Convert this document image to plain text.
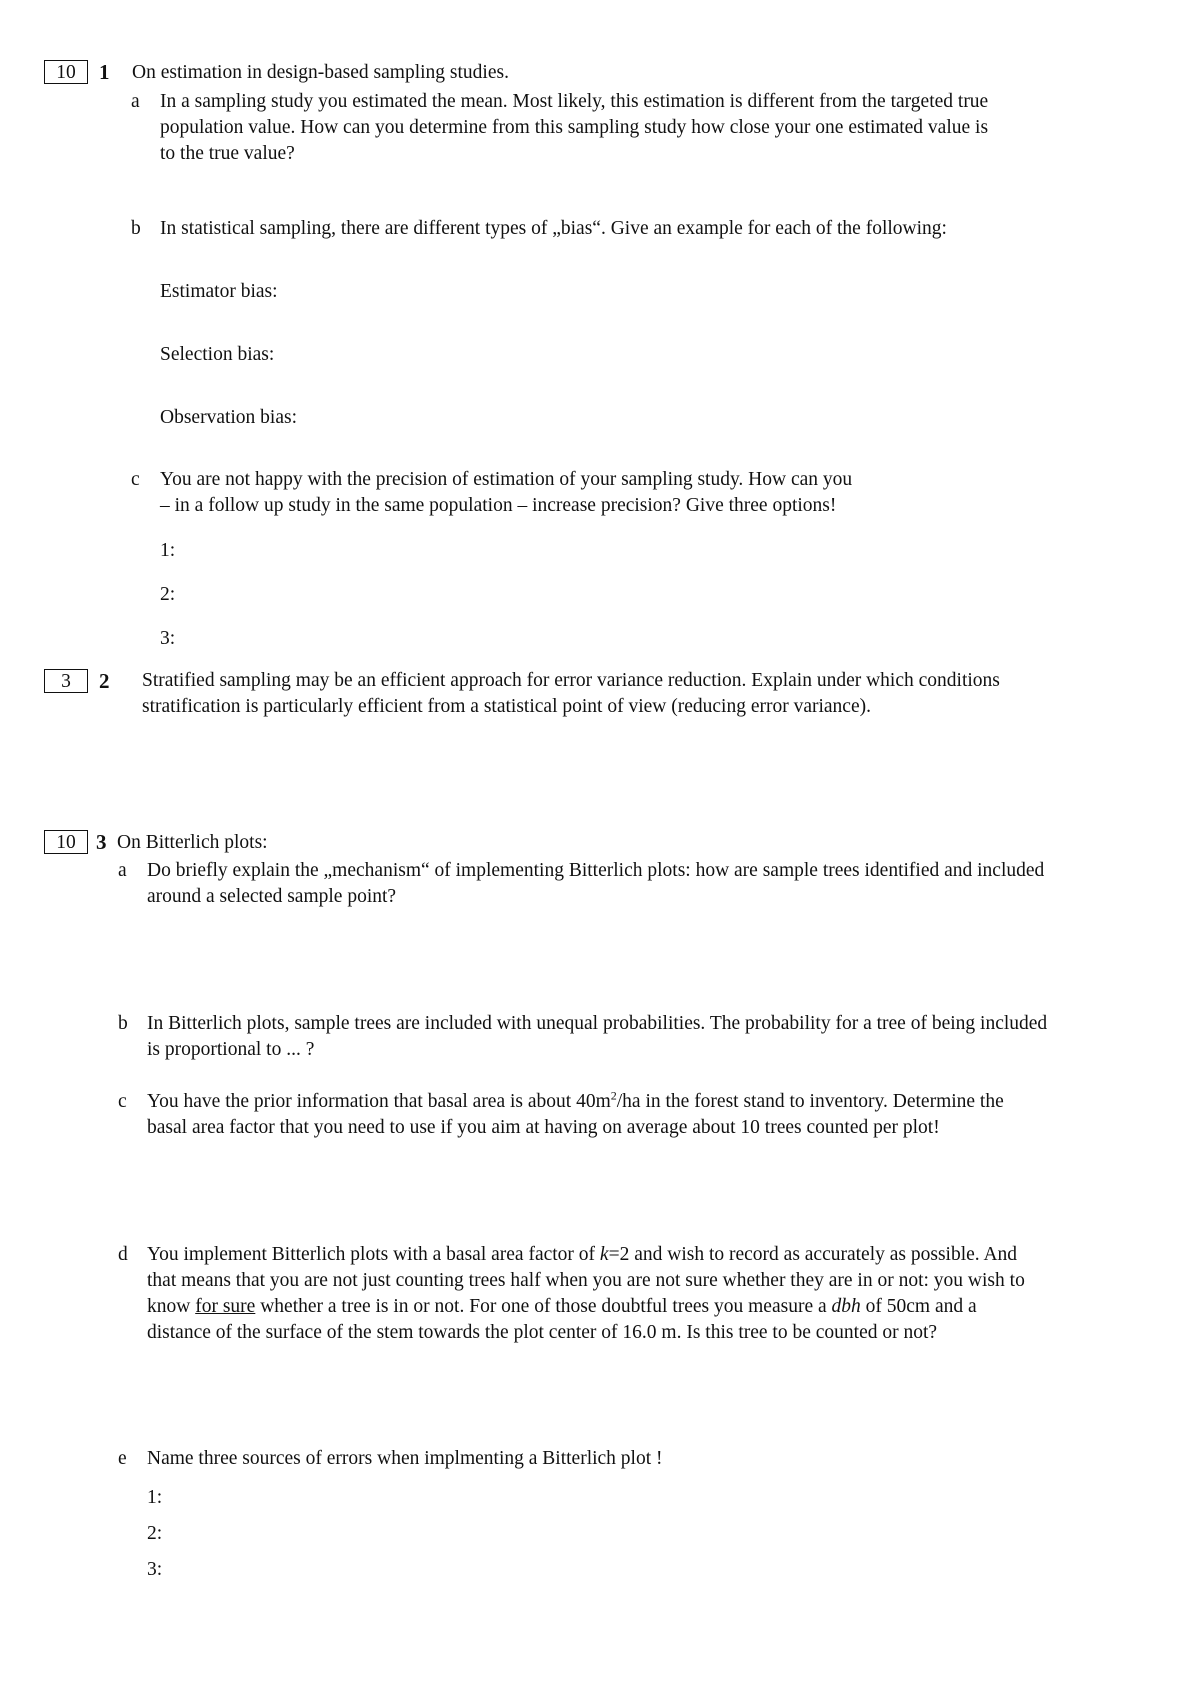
10	1 On estimation in design-based sampling studies.
a In a sampling study you estimated the mean. Most likely, this estimation is different from the targeted true
population value. How can you determine from this sampling study how close your one estimated value is
to the true value?
b In statistical sampling, there are different types of „bias“. Give an example for each of the following:
Estimator bias:
Selection bias:
Observation bias:
c You are not happy with the precision of estimation of your sampling study. How can you
– in a follow up study in the same population – increase precision? Give three options!
1:
2:
3:
3	2 Stratified sampling may be an efficient approach for error variance reduction. Explain under which conditions
stratification is particularly efficient from a statistical point of view (reducing error variance).
10 3 On Bitterlich plots:
a Do briefly explain the „mechanism“ of implementing Bitterlich plots: how are sample trees identified and included
around a selected sample point?
b In Bitterlich plots, sample trees are included with unequal probabilities. The probability for a tree of being included
is proportional to ... ?
c You have the prior information that basal area is about $40m^2/ha$ in the forest stand to inventory. Determine the
basal area factor that you need to use if you aim at having on average about 10 trees counted per plot!
d You implement Bitterlich plots with a basal area factor of k=2 and wish to record as accurately as possible. And
that means that you are not just counting trees half when you are not sure whether they are in or not: you wish to
know for sure whether a tree is in or not. For one of those doubtful trees you measure a dbh of 50cm and a
distance of the surface of the stem towards the plot center of 16.0 m. Is this tree to be counted or not?
e Name three sources of errors when implmenting a Bitterlich plot !
1:
2:
3:
